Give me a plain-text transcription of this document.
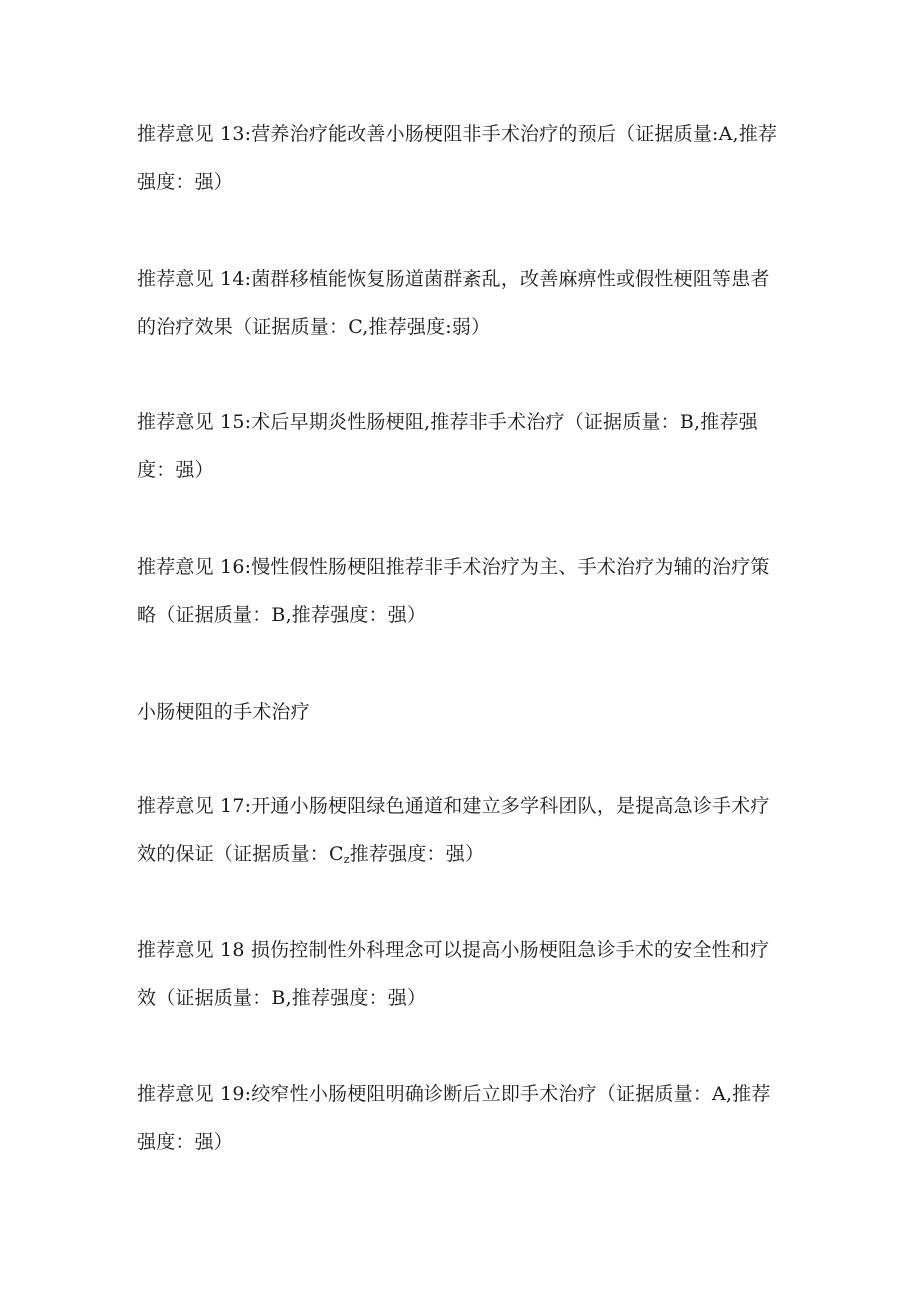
推荐意见 13:营养治疗能改善小肠梗阻非手术治疗的预后（证据质量:A,推荐强度：强）

推荐意见 14:菌群移植能恢复肠道菌群紊乱，改善麻痹性或假性梗阻等患者的治疗效果（证据质量：C,推荐强度:弱）

推荐意见 15:术后早期炎性肠梗阻,推荐非手术治疗（证据质量：B,推荐强度：强）

推荐意见 16:慢性假性肠梗阻推荐非手术治疗为主、手术治疗为辅的治疗策略（证据质量：B,推荐强度：强）

小肠梗阻的手术治疗

推荐意见 17:开通小肠梗阻绿色通道和建立多学科团队，是提高急诊手术疗效的保证（证据质量：$C_z$推荐强度：强）

推荐意见 18 损伤控制性外科理念可以提高小肠梗阻急诊手术的安全性和疗效（证据质量：B,推荐强度：强）

推荐意见 19:绞窄性小肠梗阻明确诊断后立即手术治疗（证据质量：A,推荐强度：强）
